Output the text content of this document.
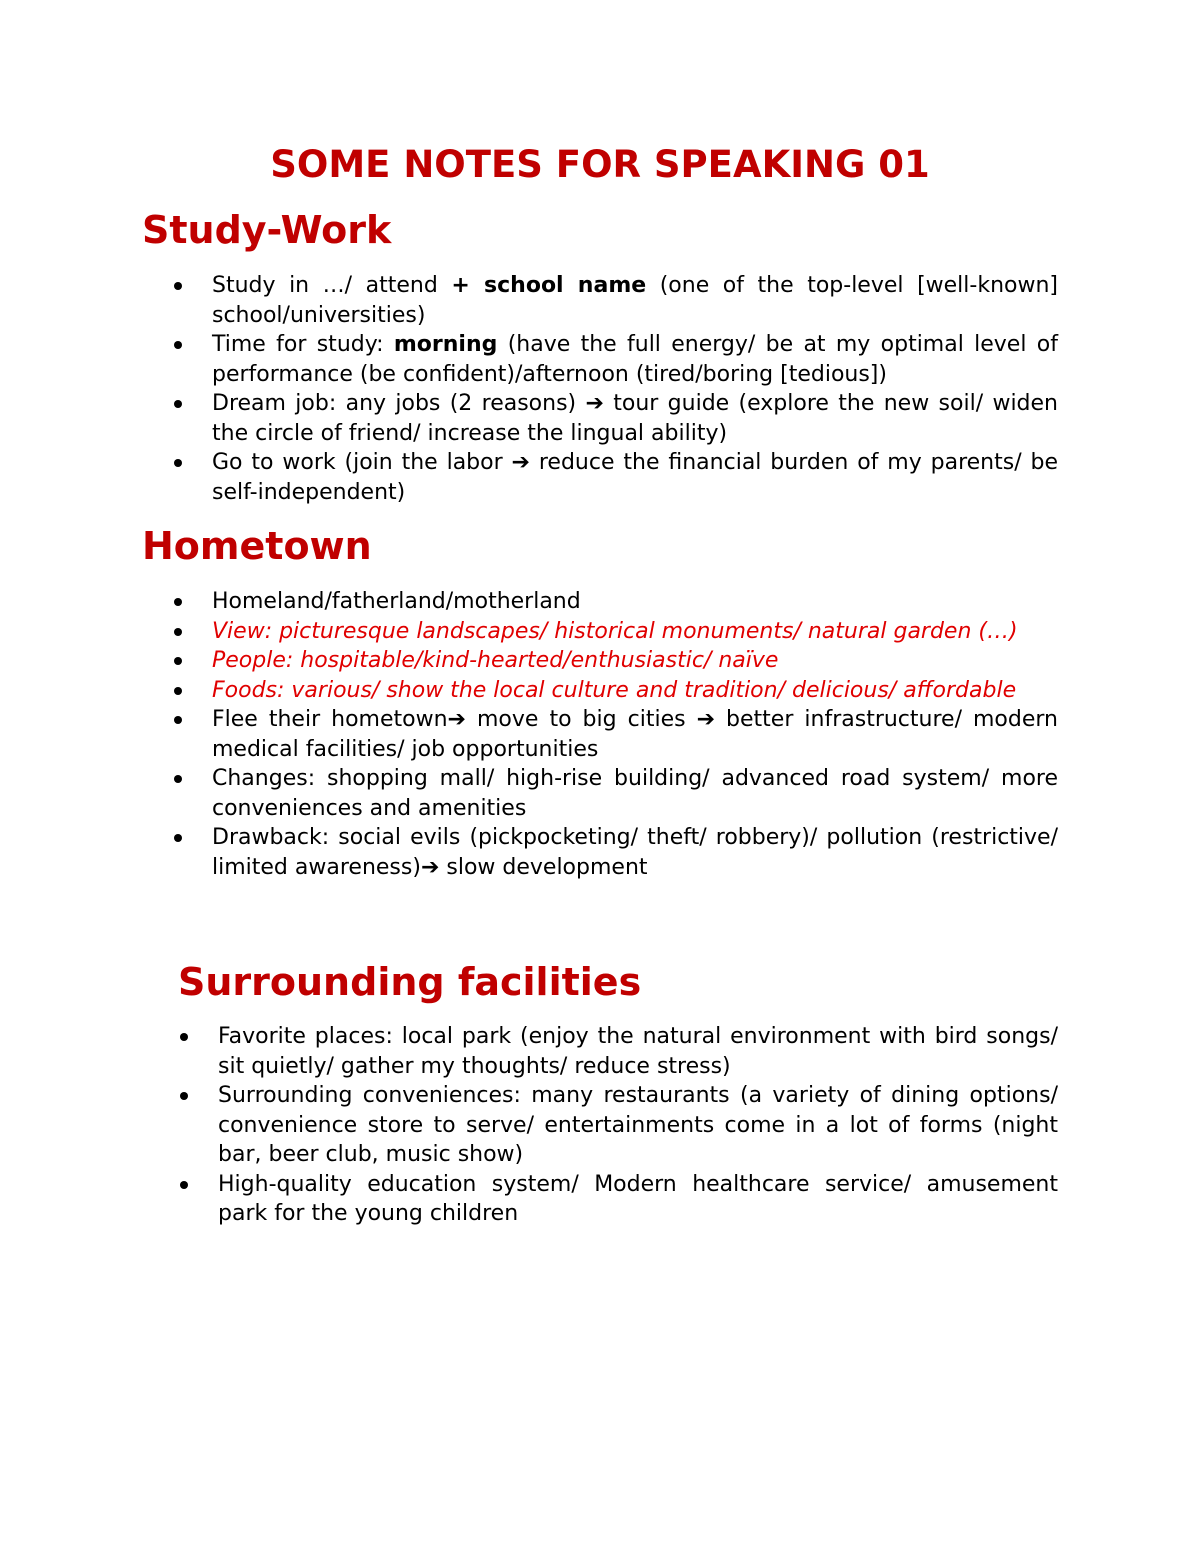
SOME NOTES FOR SPEAKING 01
Study-Work
Study in …/ attend + school name (one of the top-level [well-known] school/universities)
Time for study: morning (have the full energy/ be at my optimal level of performance (be confident)/afternoon (tired/boring [tedious])
Dream job: any jobs (2 reasons) ➔ tour guide (explore the new soil/ widen the circle of friend/ increase the lingual ability)
Go to work (join the labor ➔ reduce the financial burden of my parents/ be self-independent)
Hometown
Homeland/fatherland/motherland
View: picturesque landscapes/ historical monuments/ natural garden (…)
People: hospitable/kind-hearted/enthusiastic/ naïve
Foods: various/ show the local culture and tradition/ delicious/ affordable
Flee their hometown➔ move to big cities ➔ better infrastructure/ modern medical facilities/ job opportunities
Changes: shopping mall/ high-rise building/ advanced road system/ more conveniences and amenities
Drawback: social evils (pickpocketing/ theft/ robbery)/ pollution (restrictive/ limited awareness)➔ slow development
Surrounding facilities
Favorite places: local park (enjoy the natural environment with bird songs/ sit quietly/ gather my thoughts/ reduce stress)
Surrounding conveniences: many restaurants (a variety of dining options/ convenience store to serve/ entertainments come in a lot of forms (night bar, beer club, music show)
High-quality education system/ Modern healthcare service/ amusement park for the young children
